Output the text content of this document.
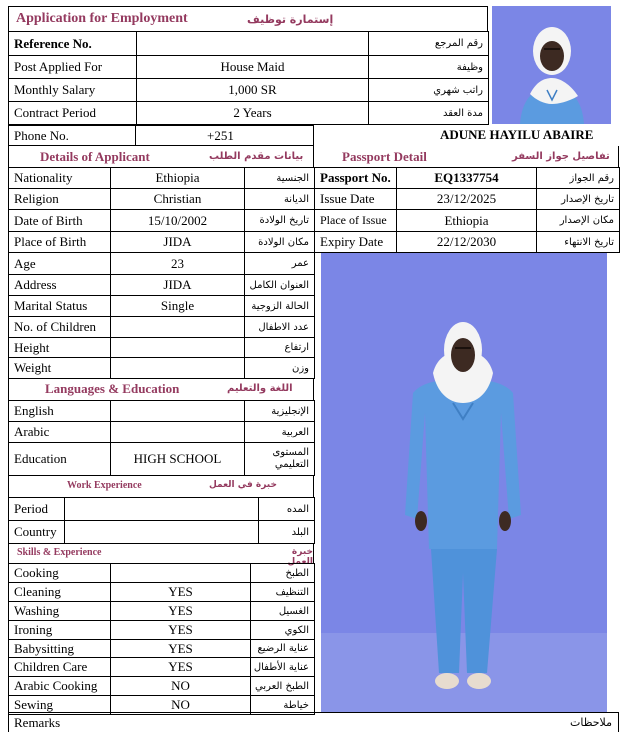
Application for Employment	إستمارة توظيف
Reference No.		رقم المرجع
Post Applied For	House Maid	وظيفة
Monthly Salary	1,000 SR	راتب شهري
Contract Period	2 Years	مدة العقد
Phone No.	+251	ADUNE HAYILU ABAIRE
Details of Applicant	بيانات مقدم الطلب
Nationality	Ethiopia	الجنسية
Religion	Christian	الديانة
Date of Birth	15/10/2002	تاريخ الولادة
Place of Birth	JIDA	مكان الولادة
Age	23	عمر
Address	JIDA	العنوان الكامل
Marital Status	Single	الحالة الزوجية
No. of Children		عدد الاطفال
Height		ارتفاع
Weight		وزن
Passport Detail	تفاصيل جواز السفر
Passport No.	EQ1337754	رقم الجواز
Issue Date	23/12/2025	تاريخ الإصدار
Place of Issue	Ethiopia	مكان الإصدار
Expiry Date	22/12/2030	تاريخ الانتهاء
Languages & Education	اللغة والتعليم
English		الإنجليزية
Arabic		العربية
Education	HIGH SCHOOL	المستوى
التعليمي
Work Experience	خبرة في العمل
Period		المده
Country		البلد
Skills & Experience	خبرة العمل
Cooking		الطبخ
Cleaning	YES	التنظيف
Washing	YES	الغسيل
Ironing	YES	الكوي
Babysitting	YES	عناية الرضيع
Children Care	YES	عناية الأطفال
Arabic Cooking	NO	الطبخ العربي
Sewing	NO	خياطة
Remarks	ملاحظات
